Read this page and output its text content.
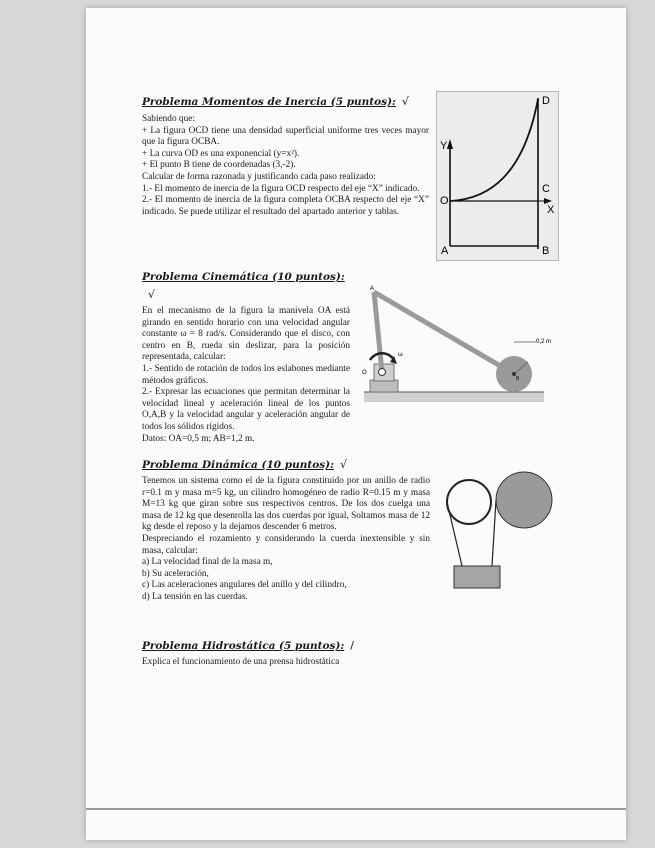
Problema Momentos de Inercia (5 puntos): √

Sabiendo que:

+ La figura OCD tiene una densidad superficial uniforme tres veces mayor que la figura OCBA.

+ La curva OD es una exponencial (y=x²).

+ El punto B tiene de coordenadas (3,-2).

Calcular de forma razonada y justificando cada paso realizado:

1.- El momento de inercia de la figura OCD respecto del eje “X” indicado.

2.- El momento de inercia de la figura completa OCBA respecto del eje “X” indicado. Se puede utilizar el resultado del apartado anterior y tablas.

D
Y
O
C
X
A	B
Problema Cinemática (10 puntos):√

En el mecanismo de la figura la manivela OA está girando en sentido horario con una velocidad angular constante ω = 8 rad/s. Considerando que el disco, con centro en B, rueda sin deslizar, para la posición representada, calcular:

1.- Sentido de rotación de todos los eslabones mediante métodos gráficos.

2.- Expresar las ecuaciones que permitan determinar la velocidad lineal y aceleración lineal de los puntos O,A,B y la velocidad angular y aceleración angular de todos los sólidos rígidos.

Datos: OA=0,5 m; AB=1,2 m.

A
O
B
ω
0,2 m
Problema Dinámica (10 puntos): √

Tenemos un sistema como el de la figura constituido por un anillo de radio r=0.1 m y masa m=5 kg, un cilindro homogéneo de radio R=0.15 m y masa M=13 kg que giran sobre sus respectivos centros. De los dos cuelga una masa de 12 kg que desenrolla las dos cuerdas por igual, Soltamos masa de 12 kg desde el reposo y la dejamos descender 6 metros.

Despreciando el rozamiento y considerando la cuerda inextensible y sin masa, calcular:

a) La velocidad final de la masa m,

b) Su aceleración,

c) Las aceleraciones angulares del anillo y del cilindro,

d) La tensión en las cuerdas.

Problema Hidrostática (5 puntos): /

Explica el funcionamiento de una prensa hidrostática
